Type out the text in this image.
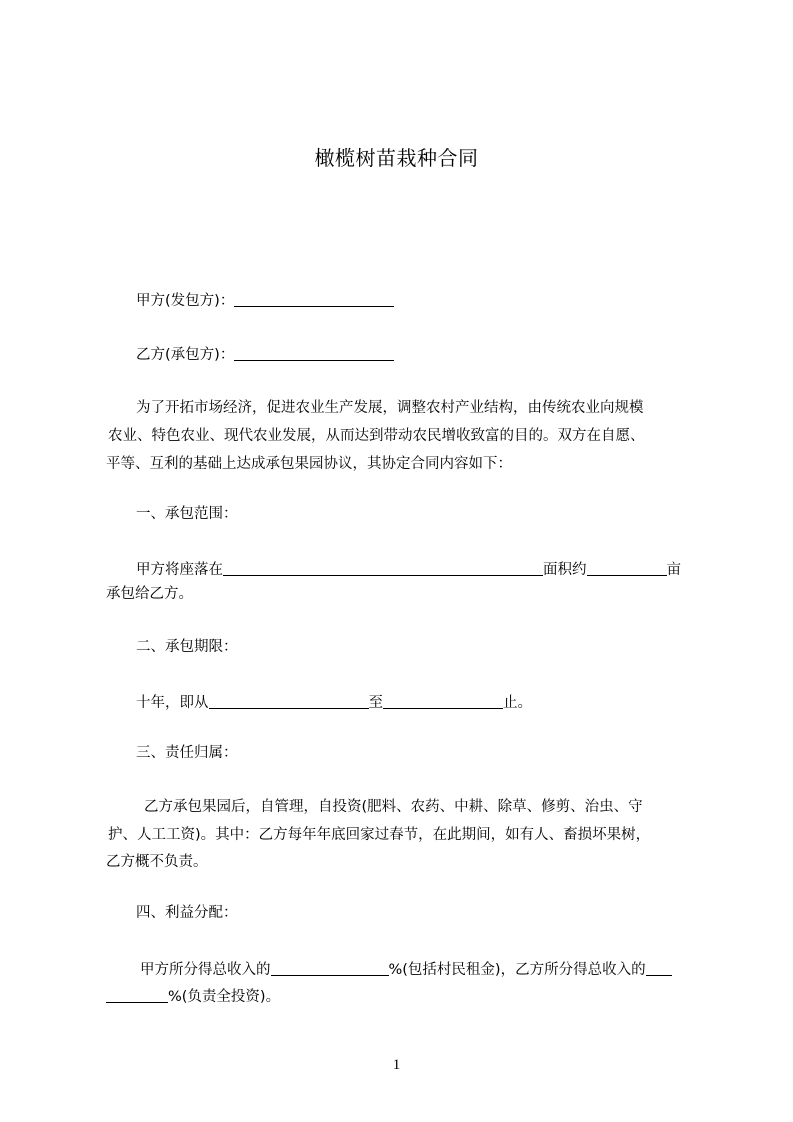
橄榄树苗栽种合同
甲方(发包方)：
乙方(承包方)：
为了开拓市场经济，促进农业生产发展，调整农村产业结构，由传统农业向规模
农业、特色农业、现代农业发展，从而达到带动农民增收致富的目的。双方在自愿、
平等、互利的基础上达成承包果园协议，其协定合同内容如下：
一、承包范围：
甲方将座落在	面积约	亩
承包给乙方。
二、承包期限：
十年，即从	至	止。
三、责任归属：
乙方承包果园后，自管理，自投资(肥料、农药、中耕、除草、修剪、治虫、守
护、人工工资)。其中：乙方每年年底回家过春节，在此期间，如有人、畜损坏果树，
乙方概不负责。
四、利益分配：
甲方所分得总收入的	%(包括村民租金)，乙方所分得总收入的
%(负责全投资)。
1
